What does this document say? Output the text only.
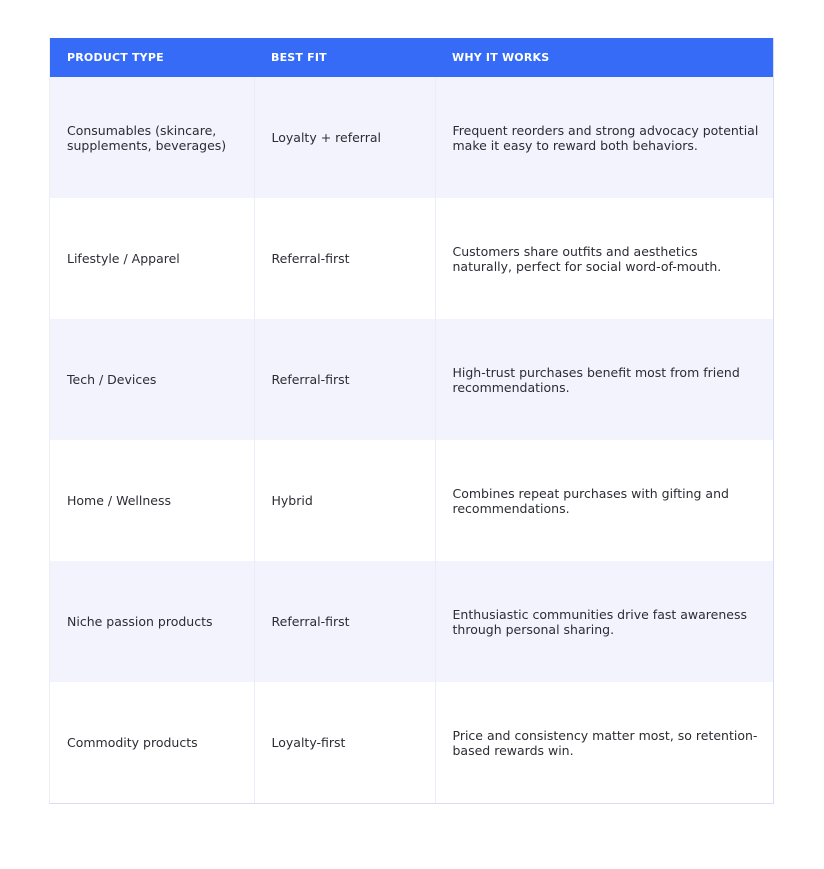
PRODUCT TYPE	BEST FIT	WHY IT WORKS
Consumables (skincare, supplements, beverages)	Loyalty + referral	Frequent reorders and strong advocacy potential make it easy to reward both behaviors.
Lifestyle / Apparel	Referral-first	Customers share outfits and aesthetics naturally, perfect for social word-of-mouth.
Tech / Devices	Referral-first	High-trust purchases benefit most from friend recommendations.
Home / Wellness	Hybrid	Combines repeat purchases with gifting and recommendations.
Niche passion products	Referral-first	Enthusiastic communities drive fast awareness through personal sharing.
Commodity products	Loyalty-first	Price and consistency matter most, so retention-based rewards win.
